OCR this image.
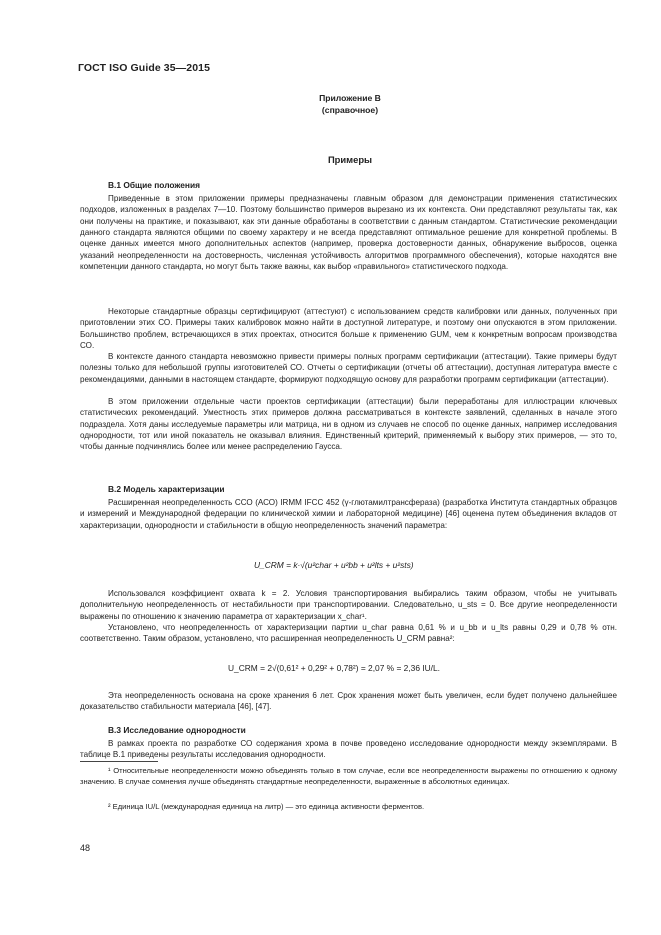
ГОСТ ISO Guide 35—2015
Приложение В
(справочное)
Примеры
В.1 Общие положения

Приведенные в этом приложении примеры предназначены главным образом для демонстрации применения статистических подходов, изложенных в разделах 7—10. Поэтому большинство примеров вырезано из их контекста. Они представляют результаты так, как они получены на практике, и показывают, как эти данные обработаны в соответствии с данным стандартом. Статистические рекомендации данного стандарта являются общими по своему характеру и не всегда представляют оптимальное решение для конкретной проблемы. В оценке данных имеется много дополнительных аспектов (например, проверка достоверности данных, обнаружение выбросов, оценка указаний неопределенности на достоверность, численная устойчивость алгоритмов программного обеспечения), которые находятся вне компетенции данного стандарта, но могут быть также важны, как выбор «правильного» статистического подхода.

Некоторые стандартные образцы сертифицируют (аттестуют) с использованием средств калибровки или данных, полученных при приготовлении этих СО. Примеры таких калибровок можно найти в доступной литературе, и поэтому они опускаются в этом приложении. Большинство проблем, встречающихся в этих проектах, относится больше к применению GUM, чем к конкретным вопросам производства СО.

В контексте данного стандарта невозможно привести примеры полных программ сертификации (аттестации). Такие примеры будут полезны только для небольшой группы изготовителей СО. Отчеты о сертификации (отчеты об аттестации), доступная литература вместе с рекомендациями, данными в настоящем стандарте, формируют подходящую основу для разработки программ сертификации (аттестации).

В этом приложении отдельные части проектов сертификации (аттестации) были переработаны для иллюстрации ключевых статистических рекомендаций. Уместность этих примеров должна рассматриваться в контексте заявлений, сделанных в начале этого подраздела. Хотя даны исследуемые параметры или матрица, ни в одном из случаев не способ по оценке данных, например исследования однородности, тот или иной показатель не оказывал влияния. Единственный критерий, применяемый к выбору этих примеров, — это то, чтобы данные подчинялись более или менее распределению Гаусса.

В.2 Модель характеризации

Расширенная неопределенность ССО (АСО) IRMM IFCC 452 (γ-глютамилтрансфераза) (разработка Института стандартных образцов и измерений и Международной федерации по клинической химии и лабораторной медицине) [46] оценена путем объединения вкладов от характеризации, однородности и стабильности в общую неопределенность значений параметра:

U_CRM = k·√(u²char + u²bb + u²lts + u²sts)

Использовался коэффициент охвата k = 2. Условия транспортирования выбирались таким образом, чтобы не учитывать дополнительную неопределенность от нестабильности при транспортировании. Следовательно, u_sts = 0. Все другие неопределенности выражены по отношению к значению параметра от характеризации x_char¹.

Установлено, что неопределенность от характеризации партии u_char равна 0,61 % и u_bb и u_lts равны 0,29 и 0,78 % отн. соответственно. Таким образом, установлено, что расширенная неопределенность U_CRM равна²:

U_CRM = 2√(0,61² + 0,29² + 0,78²) = 2,07 % = 2,36 IU/L.

Эта неопределенность основана на сроке хранения 6 лет. Срок хранения может быть увеличен, если будет получено дальнейшее доказательство стабильности материала [46], [47].

В.3 Исследование однородности

В рамках проекта по разработке СО содержания хрома в почве проведено исследование однородности между экземплярами. В таблице В.1 приведены результаты исследования однородности.

¹ Относительные неопределенности можно объединять только в том случае, если все неопределенности выражены по отношению к одному значению. В случае сомнения лучше объединять стандартные неопределенности, выраженные в абсолютных единицах.

² Единица IU/L (международная единица на литр) — это единица активности ферментов.

48
